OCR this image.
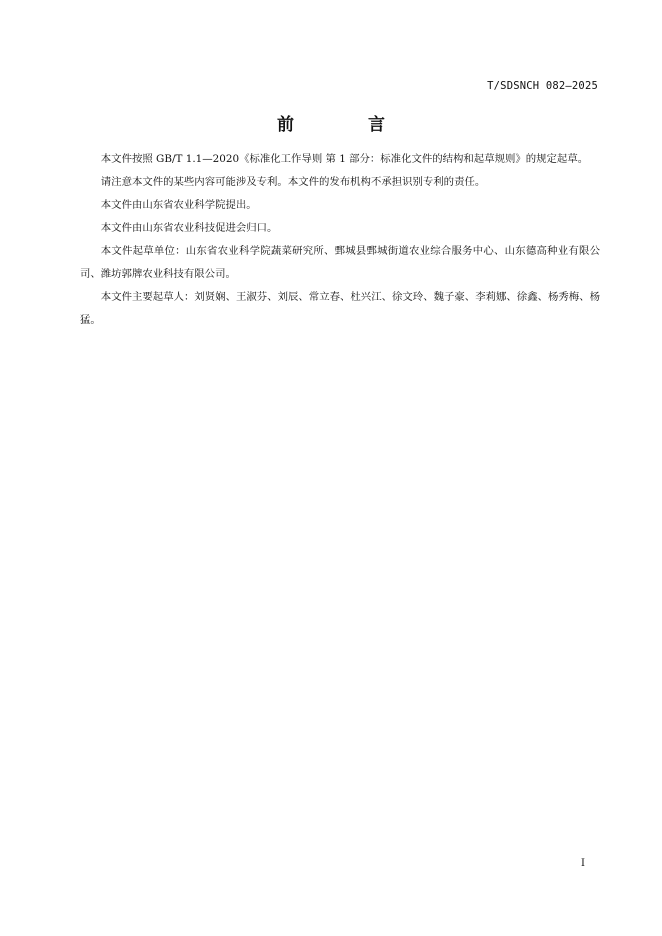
T/SDSNCH 082—2025
前 言

本文件按照 GB/T 1.1—2020《标准化工作导则 第 1 部分：标准化文件的结构和起草规则》的规定起草。

请注意本文件的某些内容可能涉及专利。本文件的发布机构不承担识别专利的责任。

本文件由山东省农业科学院提出。

本文件由山东省农业科技促进会归口。

本文件起草单位：山东省农业科学院蔬菜研究所、鄄城县鄄城街道农业综合服务中心、山东德高种业有限公司、潍坊郭牌农业科技有限公司。

本文件主要起草人：刘贤娴、王淑芬、刘辰、常立春、杜兴江、徐文玲、魏子豪、李莉娜、徐鑫、杨秀梅、杨猛。

I
